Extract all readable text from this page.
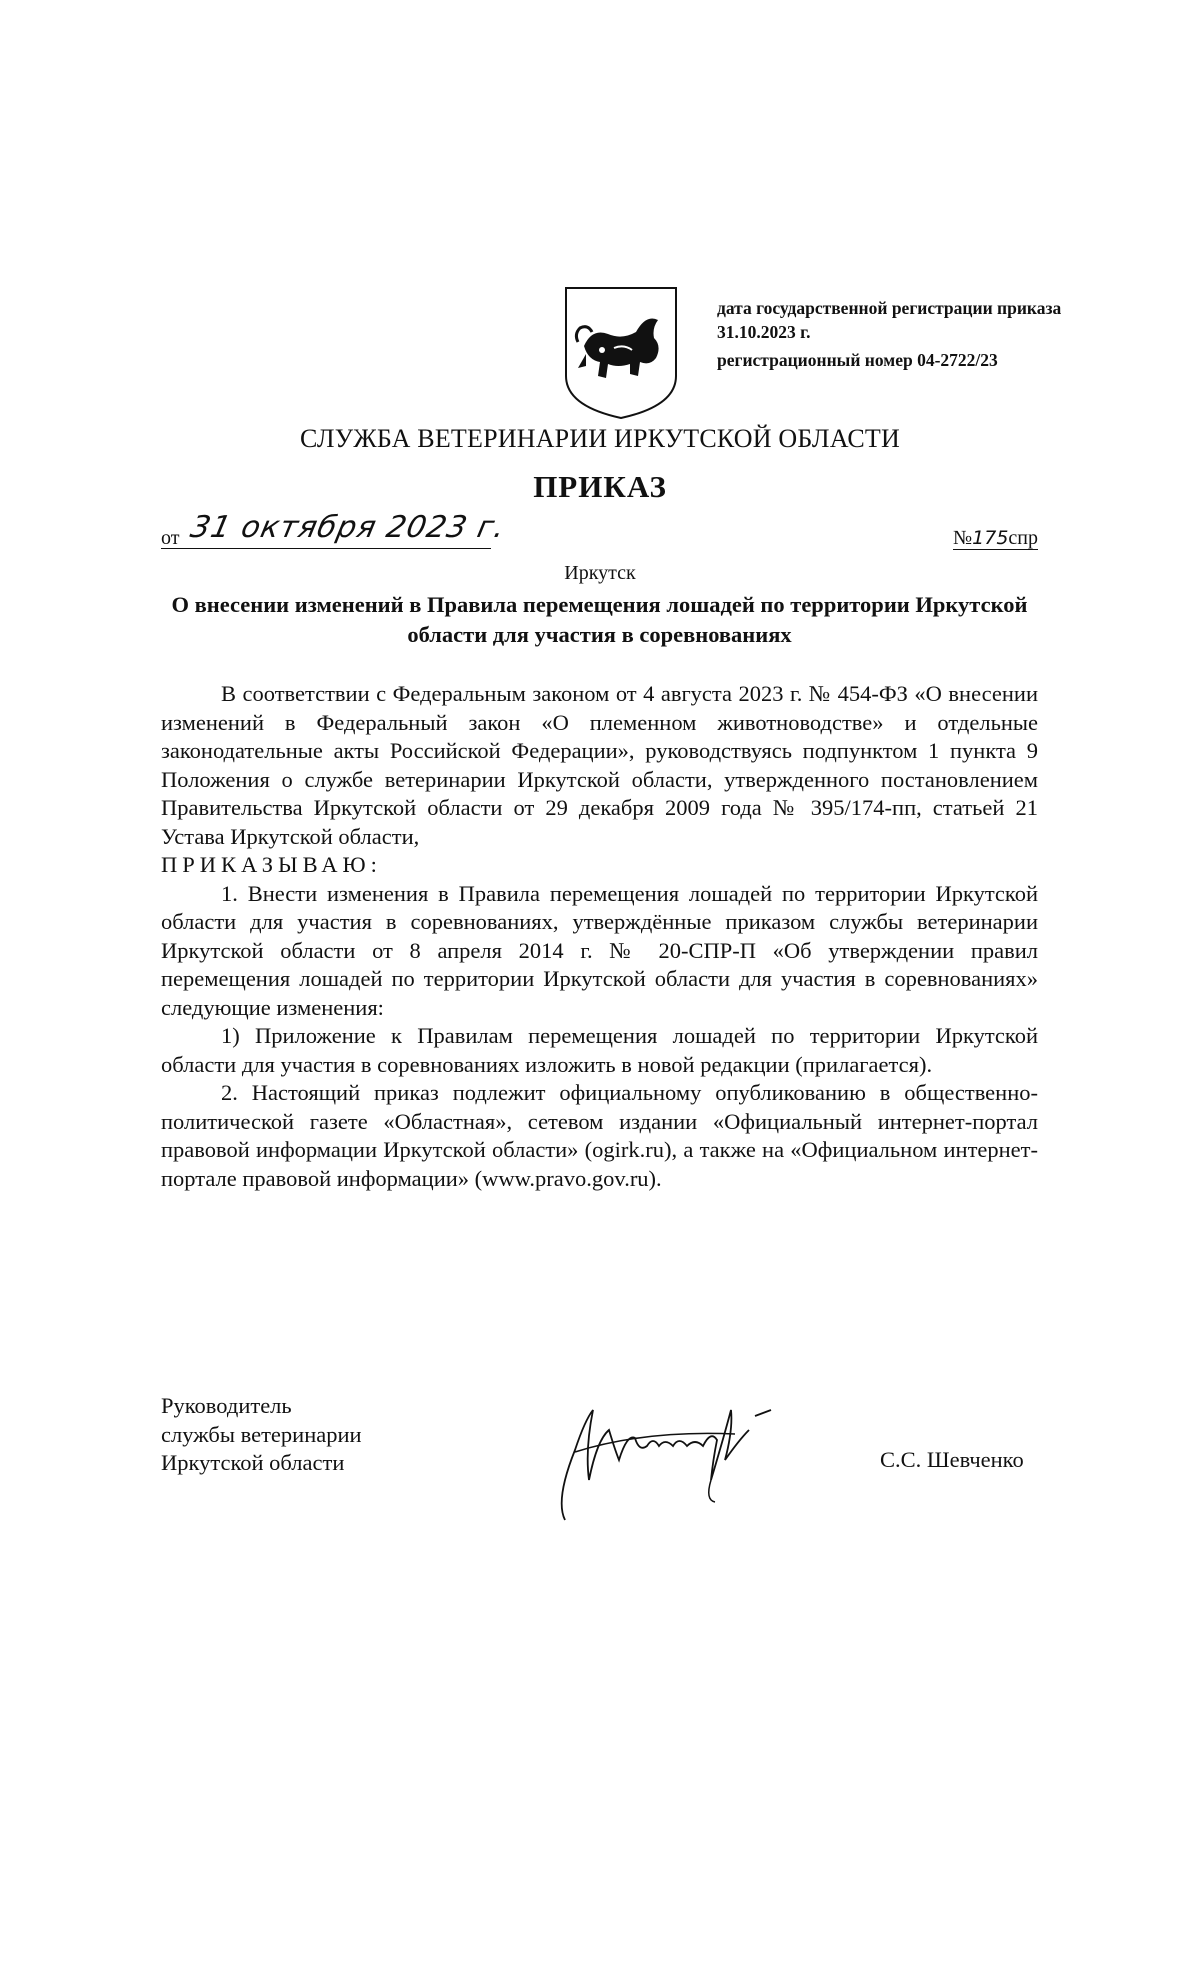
дата государственной регистрации приказа 31.10.2023 г.
регистрационный номер 04-2722/23
СЛУЖБА ВЕТЕРИНАРИИ ИРКУТСКОЙ ОБЛАСТИ
ПРИКАЗ
от 31 октября 2023 г.	№175спр
Иркутск
О внесении изменений в Правила перемещения лошадей по территории Иркутской области для участия в соревнованиях

В соответствии с Федеральным законом от 4 августа 2023 г. № 454-ФЗ «О внесении изменений в Федеральный закон «О племенном животноводстве» и отдельные законодательные акты Российской Федерации», руководствуясь подпунктом 1 пункта 9 Положения о службе ветеринарии Иркутской области, утвержденного постановлением Правительства Иркутской области от 29 декабря 2009 года № 395/174-пп, статьей 21 Устава Иркутской области,

ПРИКАЗЫВАЮ:

1. Внести изменения в Правила перемещения лошадей по территории Иркутской области для участия в соревнованиях, утверждённые приказом службы ветеринарии Иркутской области от 8 апреля 2014 г. № 20-СПР-П «Об утверждении правил перемещения лошадей по территории Иркутской области для участия в соревнованиях» следующие изменения:

1) Приложение к Правилам перемещения лошадей по территории Иркутской области для участия в соревнованиях изложить в новой редакции (прилагается).

2. Настоящий приказ подлежит официальному опубликованию в общественно-политической газете «Областная», сетевом издании «Официальный интернет-портал правовой информации Иркутской области» (ogirk.ru), а также на «Официальном интернет-портале правовой информации» (www.pravo.gov.ru).

Руководитель
службы ветеринарии
Иркутской области	С.С. Шевченко
